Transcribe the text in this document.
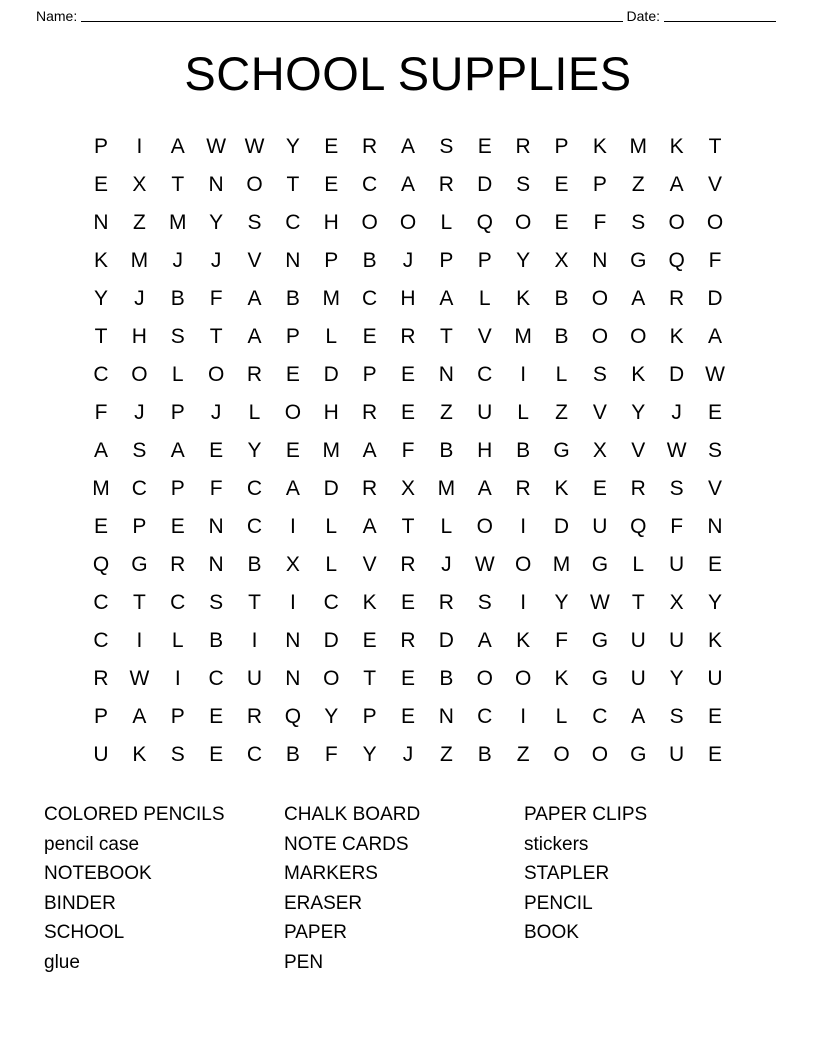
Name:	Date:
SCHOOL SUPPLIES
P	I	A	W W	Y	E	R	A	S	E	R	P	K	M	K	T
E	X	T	N	O	T	E	C	A	R	D	S	E	P	Z	A	V
N	Z	M	Y	S	C	H	O	O	L	Q	O	E	F	S	O	O
K	M	J	J	V	N	P	B	J	P	P	Y	X	N	G	Q	F
Y	J	B	F	A	B	M	C	H	A	L	K	B	O	A	R	D
T	H	S	T	A	P	L	E	R	T	V	M	B	O	O	K	A
C	O	L	O	R	E	D	P	E	N	C	I	L	S	K	D W
F	J	P	J	L	O	H	R	E	Z	U	L	Z	V	Y	J	E
A	S	A	E	Y	E	M	A	F	B	H	B	G	X	V	W	S
M	C	P	F	C	A	D	R	X	M	A	R	K	E	R	S	V
E	P	E	N	C	I	L	A	T	L	O	I	D	U	Q	F	N
Q	G	R	N	B	X	L	V	R	J	W O	M	G	L	U	E
C	T	C	S	T	I	C	K	E	R	S	I	Y	W	T	X	Y
C	I	L	B	I	N	D	E	R	D	A	K	F	G	U	U	K
R W	I	C	U	N	O	T	E	B	O	O	K	G	U	Y	U
P	A	P	E	R	Q	Y	P	E	N	C	I	L	C	A	S	E
U	K	S	E	C	B	F	Y	J	Z	B	Z	O	O	G	U	E
COLORED PENCILS
pencil case
NOTEBOOK
BINDER
SCHOOL
glue
CHALK BOARD
NOTE CARDS
MARKERS
ERASER
PAPER
PEN
PAPER CLIPS
stickers
STAPLER
PENCIL
BOOK
